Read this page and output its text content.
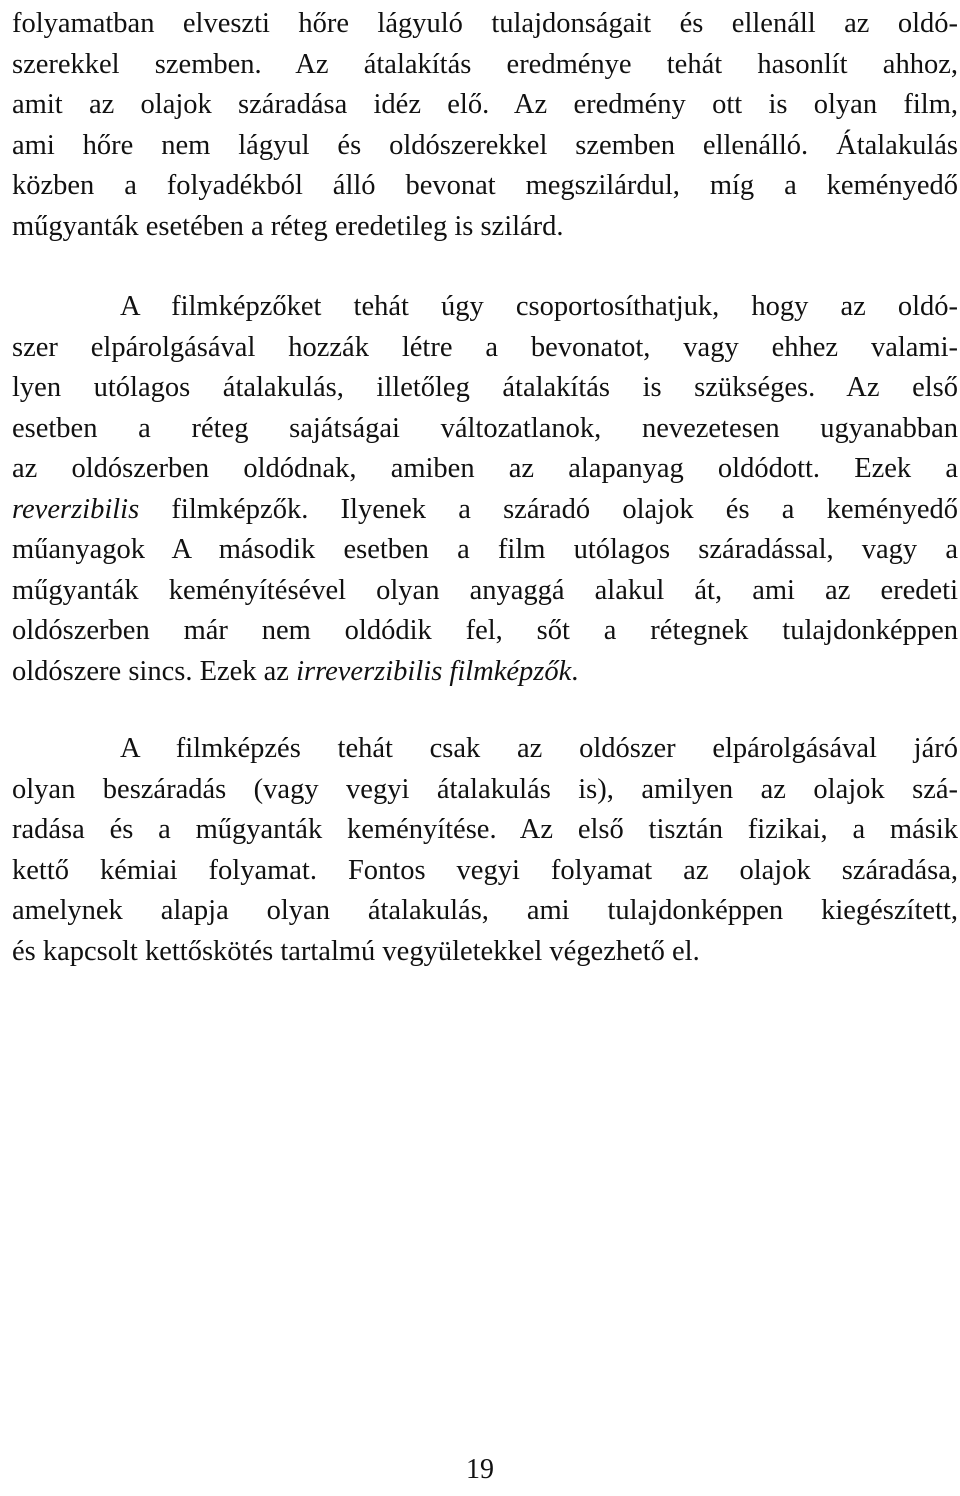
folyamatban elveszti hőre lágyuló tulajdonságait és ellenáll az oldó-
szerekkel szemben. Az átalakítás eredménye tehát hasonlít ahhoz,
amit az olajok száradása idéz elő. Az eredmény ott is olyan film,
ami hőre nem lágyul és oldószerekkel szemben ellenálló. Átalakulás
közben a folyadékból álló bevonat megszilárdul, míg a keményedő
műgyanták esetében a réteg eredetileg is szilárd.

A filmképzőket tehát úgy csoportosíthatjuk, hogy az oldó-
szer elpárolgásával hozzák létre a bevonatot, vagy ehhez valami-
lyen utólagos átalakulás, illetőleg átalakítás is szükséges. Az első
esetben a réteg sajátságai változatlanok, nevezetesen ugyanabban
az oldószerben oldódnak, amiben az alapanyag oldódott. Ezek a
reverzibilis filmképzők. Ilyenek a száradó olajok és a keményedő
műanyagok A második esetben a film utólagos száradással, vagy a
műgyanták keményítésével olyan anyaggá alakul át, ami az eredeti
oldószerben már nem oldódik fel, sőt a rétegnek tulajdonképpen
oldószere sincs. Ezek az irreverzibilis filmképzők.

A filmképzés tehát csak az oldószer elpárolgásával járó
olyan beszáradás (vagy vegyi átalakulás is), amilyen az olajok szá-
radása és a műgyanták keményítése. Az első tisztán fizikai, a másik
kettő kémiai folyamat. Fontos vegyi folyamat az olajok száradása,
amelynek alapja olyan átalakulás, ami tulajdonképpen kiegészített,
és kapcsolt kettőskötés tartalmú vegyületekkel végezhető el.

19
